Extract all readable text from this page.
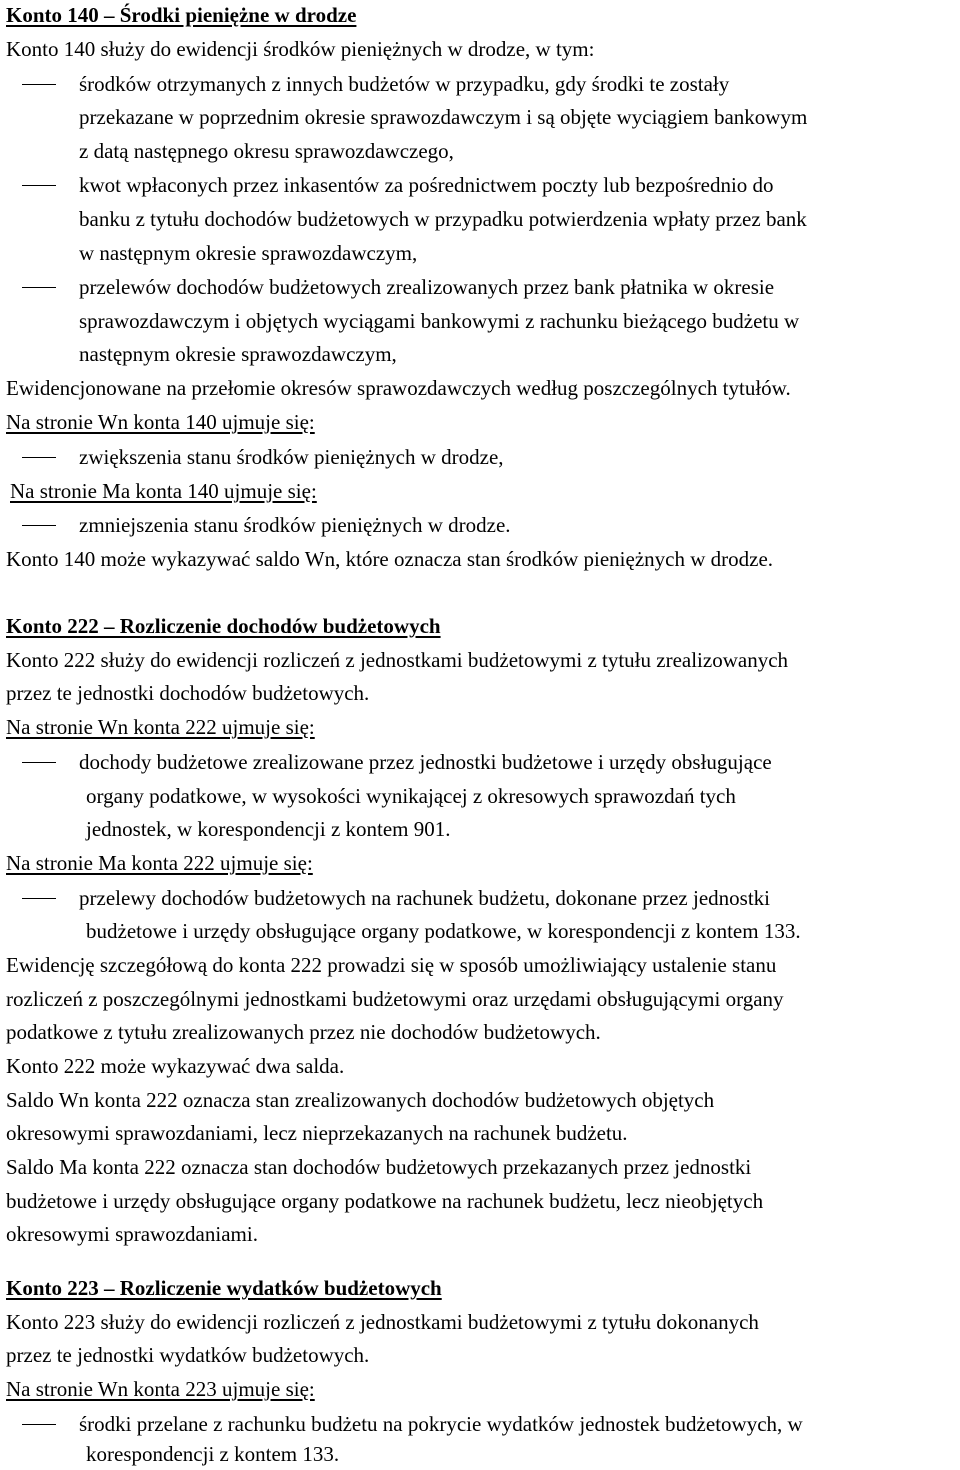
Konto 140 – Środki pieniężne w drodze
Konto 140 służy do ewidencji środków pieniężnych w drodze, w tym:
środków otrzymanych z innych budżetów w przypadku, gdy środki te zostały
przekazane w poprzednim okresie sprawozdawczym i są objęte wyciągiem bankowym
z datą następnego okresu sprawozdawczego,
kwot wpłaconych przez inkasentów za pośrednictwem poczty lub bezpośrednio do
banku z tytułu dochodów budżetowych w przypadku potwierdzenia wpłaty przez bank
w następnym okresie sprawozdawczym,
przelewów dochodów budżetowych zrealizowanych przez bank płatnika w okresie
sprawozdawczym i objętych wyciągami bankowymi z rachunku bieżącego budżetu w
następnym okresie sprawozdawczym,
Ewidencjonowane na przełomie okresów sprawozdawczych według poszczególnych tytułów.
Na stronie Wn konta 140 ujmuje się:
zwiększenia stanu środków pieniężnych w drodze,
Na stronie Ma konta 140 ujmuje się:
zmniejszenia stanu środków pieniężnych w drodze.
Konto 140 może wykazywać saldo Wn, które oznacza stan środków pieniężnych w drodze.
Konto 222 – Rozliczenie dochodów budżetowych
Konto 222 służy do ewidencji rozliczeń z jednostkami budżetowymi z tytułu zrealizowanych
przez te jednostki dochodów budżetowych.
Na stronie Wn konta 222 ujmuje się:
dochody budżetowe zrealizowane przez jednostki budżetowe i urzędy obsługujące
organy podatkowe, w wysokości wynikającej z okresowych sprawozdań tych
jednostek, w korespondencji z kontem 901.
Na stronie Ma konta 222 ujmuje się:
przelewy dochodów budżetowych na rachunek budżetu, dokonane przez jednostki
budżetowe i urzędy obsługujące organy podatkowe, w korespondencji z kontem 133.
Ewidencję szczegółową do konta 222 prowadzi się w sposób umożliwiający ustalenie stanu
rozliczeń z poszczególnymi jednostkami budżetowymi oraz urzędami obsługującymi organy
podatkowe z tytułu zrealizowanych przez nie dochodów budżetowych.
Konto 222 może wykazywać dwa salda.
Saldo Wn konta 222 oznacza stan zrealizowanych dochodów budżetowych objętych
okresowymi sprawozdaniami, lecz nieprzekazanych na rachunek budżetu.
Saldo Ma konta 222 oznacza stan dochodów budżetowych przekazanych przez jednostki
budżetowe i urzędy obsługujące organy podatkowe na rachunek budżetu, lecz nieobjętych
okresowymi sprawozdaniami.
Konto 223 – Rozliczenie wydatków budżetowych
Konto 223 służy do ewidencji rozliczeń z jednostkami budżetowymi z tytułu dokonanych
przez te jednostki wydatków budżetowych.
Na stronie Wn konta 223 ujmuje się:
środki przelane z rachunku budżetu na pokrycie wydatków jednostek budżetowych, w
korespondencji z kontem 133.
